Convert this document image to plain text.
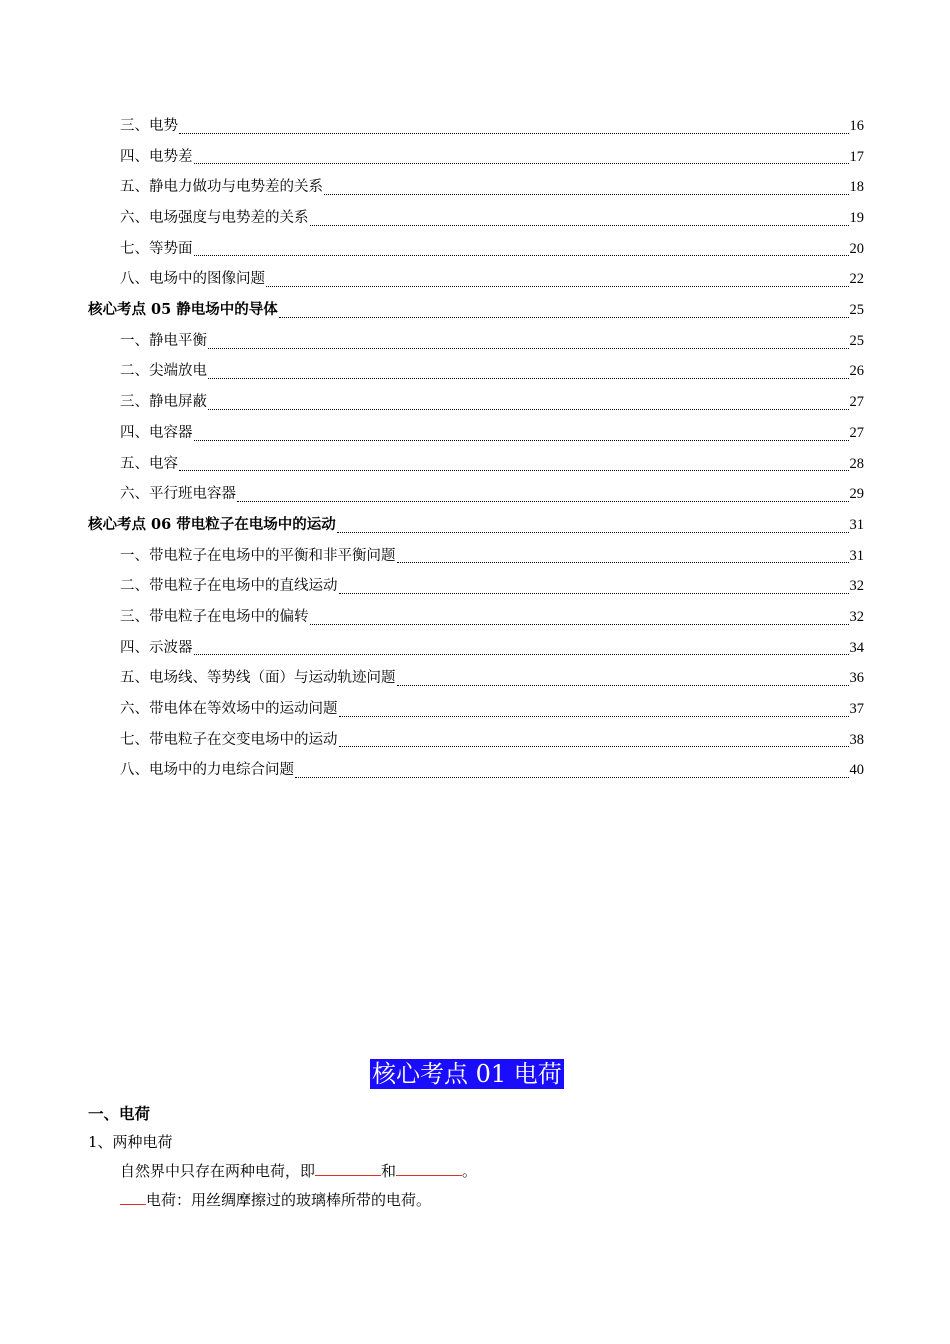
三、电势	16
四、电势差	17
五、静电力做功与电势差的关系	18
六、电场强度与电势差的关系	19
七、等势面	20
八、电场中的图像问题	22
核心考点 05 静电场中的导体	25
一、静电平衡	25
二、尖端放电	26
三、静电屏蔽	27
四、电容器	27
五、电容	28
六、平行班电容器	29
核心考点 06 带电粒子在电场中的运动	31
一、带电粒子在电场中的平衡和非平衡问题	31
二、带电粒子在电场中的直线运动	32
三、带电粒子在电场中的偏转	32
四、示波器	34
五、电场线、等势线（面）与运动轨迹问题	36
六、带电体在等效场中的运动问题	37
七、带电粒子在交变电场中的运动	38
八、电场中的力电综合问题	40
核心考点 01 电荷
一、电荷
1、两种电荷
自然界中只存在两种电荷，即	和	。
电荷：用丝绸摩擦过的玻璃棒所带的电荷。
